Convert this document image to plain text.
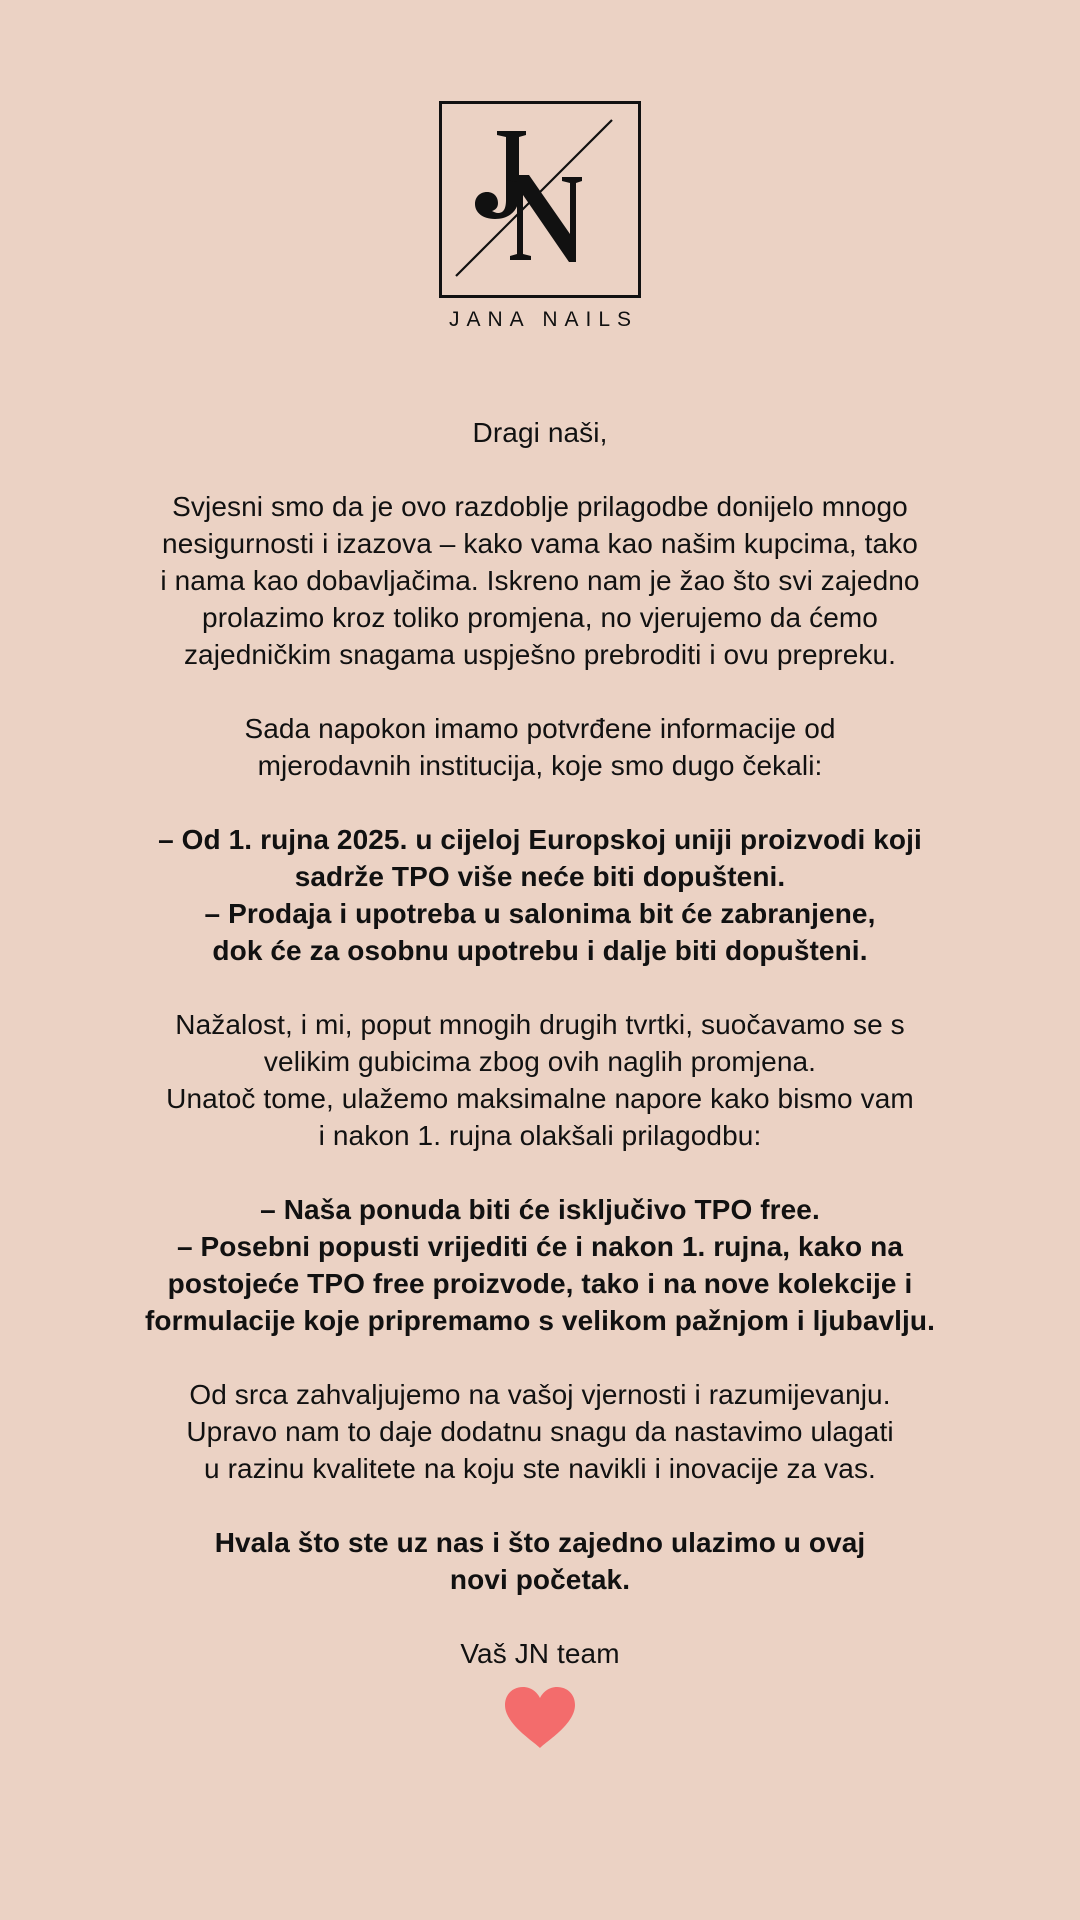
JANA NAILS

Dragi naši,

Svjesni smo da je ovo razdoblje prilagodbe donijelo mnogo

nesigurnosti i izazova – kako vama kao našim kupcima, tako

i nama kao dobavljačima. Iskreno nam je žao što svi zajedno

prolazimo kroz toliko promjena, no vjerujemo da ćemo

zajedničkim snagama uspješno prebroditi i ovu prepreku.

Sada napokon imamo potvrđene informacije od

mjerodavnih institucija, koje smo dugo čekali:

– Od 1. rujna 2025. u cijeloj Europskoj uniji proizvodi koji

sadrže TPO više neće biti dopušteni.

– Prodaja i upotreba u salonima bit će zabranjene,

dok će za osobnu upotrebu i dalje biti dopušteni.

Nažalost, i mi, poput mnogih drugih tvrtki, suočavamo se s

velikim gubicima zbog ovih naglih promjena.

Unatoč tome, ulažemo maksimalne napore kako bismo vam

i nakon 1. rujna olakšali prilagodbu:

– Naša ponuda biti će isključivo TPO free.

– Posebni popusti vrijediti će i nakon 1. rujna, kako na

postojeće TPO free proizvode, tako i na nove kolekcije i

formulacije koje pripremamo s velikom pažnjom i ljubavlju.

Od srca zahvaljujemo na vašoj vjernosti i razumijevanju.

Upravo nam to daje dodatnu snagu da nastavimo ulagati

u razinu kvalitete na koju ste navikli i inovacije za vas.

Hvala što ste uz nas i što zajedno ulazimo u ovaj

novi početak.

Vaš JN team
